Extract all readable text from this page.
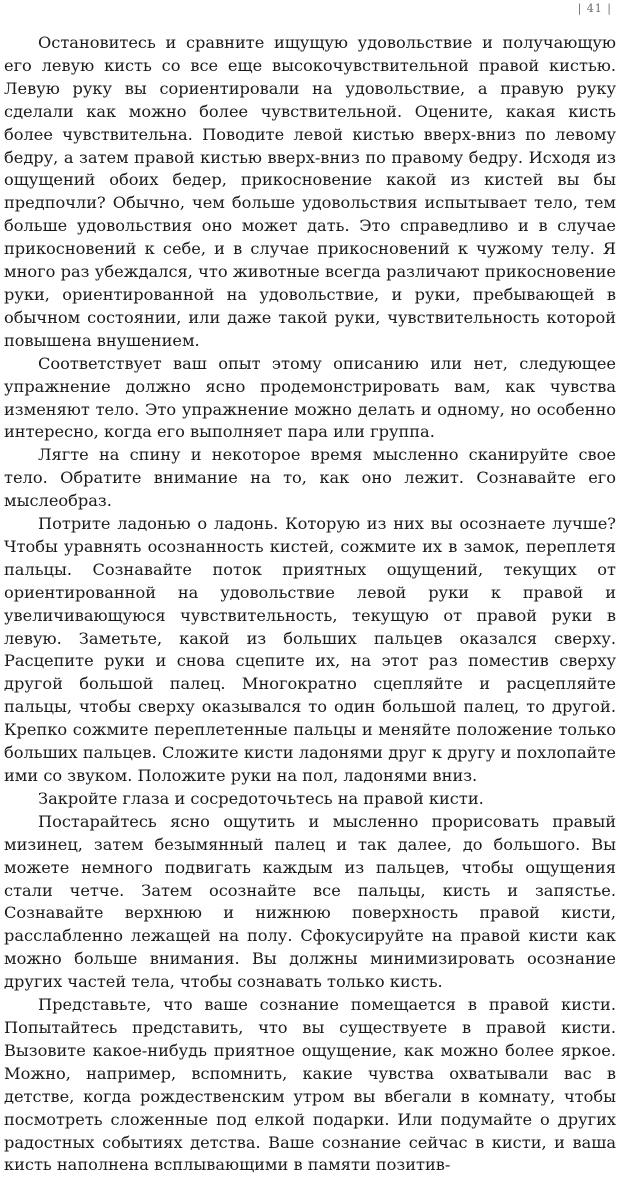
| 41 |

Остановитесь и сравните ищущую удовольствие и получающую его левую кисть со все еще высокочувствительной правой кистью. Левую руку вы сориентировали на удовольствие, а правую руку сделали как можно более чувствительной. Оцените, какая кисть более чувствительна. Поводите левой кистью вверх-вниз по левому бедру, а затем правой кистью вверх-вниз по правому бедру. Исходя из ощущений обоих бедер, прикосновение какой из кистей вы бы предпочли? Обычно, чем больше удовольствия испытывает тело, тем больше удовольствия оно может дать. Это справедливо и в случае прикосновений к себе, и в случае прикосновений к чужому телу. Я много раз убеждался, что животные всегда различают прикосновение руки, ориентированной на удовольствие, и руки, пребывающей в обычном состоянии, или даже такой руки, чувствительность которой повышена внушением.

Соответствует ваш опыт этому описанию или нет, следующее упражнение должно ясно продемонстрировать вам, как чувства изменяют тело. Это упражнение можно делать и одному, но особенно интересно, когда его выполняет пара или группа.

Лягте на спину и некоторое время мысленно сканируйте свое тело. Обратите внимание на то, как оно лежит. Сознавайте его мыслеобраз.

Потрите ладонью о ладонь. Которую из них вы осознаете лучше? Чтобы уравнять осознанность кистей, сожмите их в замок, переплетя пальцы. Сознавайте поток приятных ощущений, текущих от ориентированной на удовольствие левой руки к правой и увеличивающуюся чувствительность, текущую от правой руки в левую. Заметьте, какой из больших пальцев оказался сверху. Расцепите руки и снова сцепите их, на этот раз поместив сверху другой большой палец. Многократно сцепляйте и расцепляйте пальцы, чтобы сверху оказывался то один большой палец, то другой. Крепко сожмите переплетенные пальцы и меняйте положение только больших пальцев. Сложите кисти ладонями друг к другу и похлопайте ими со звуком. Положите руки на пол, ладонями вниз.

Закройте глаза и сосредоточьтесь на правой кисти.

Постарайтесь ясно ощутить и мысленно прорисовать правый мизинец, затем безымянный палец и так далее, до большого. Вы можете немного подвигать каждым из пальцев, чтобы ощущения стали четче. Затем осознайте все пальцы, кисть и запястье. Сознавайте верхнюю и нижнюю поверхность правой кисти, расслабленно лежащей на полу. Сфокусируйте на правой кисти как можно больше внимания. Вы должны минимизировать осознание других частей тела, чтобы сознавать только кисть.

Представьте, что ваше сознание помещается в правой кисти. Попытайтесь представить, что вы существуете в правой кисти. Вызовите какое-нибудь приятное ощущение, как можно более яркое. Можно, например, вспомнить, какие чувства охватывали вас в детстве, когда рождественским утром вы вбегали в комнату, чтобы посмотреть сложенные под елкой подарки. Или подумайте о других радостных событиях детства. Ваше сознание сейчас в кисти, и ваша кисть наполнена всплывающими в памяти позитив-
